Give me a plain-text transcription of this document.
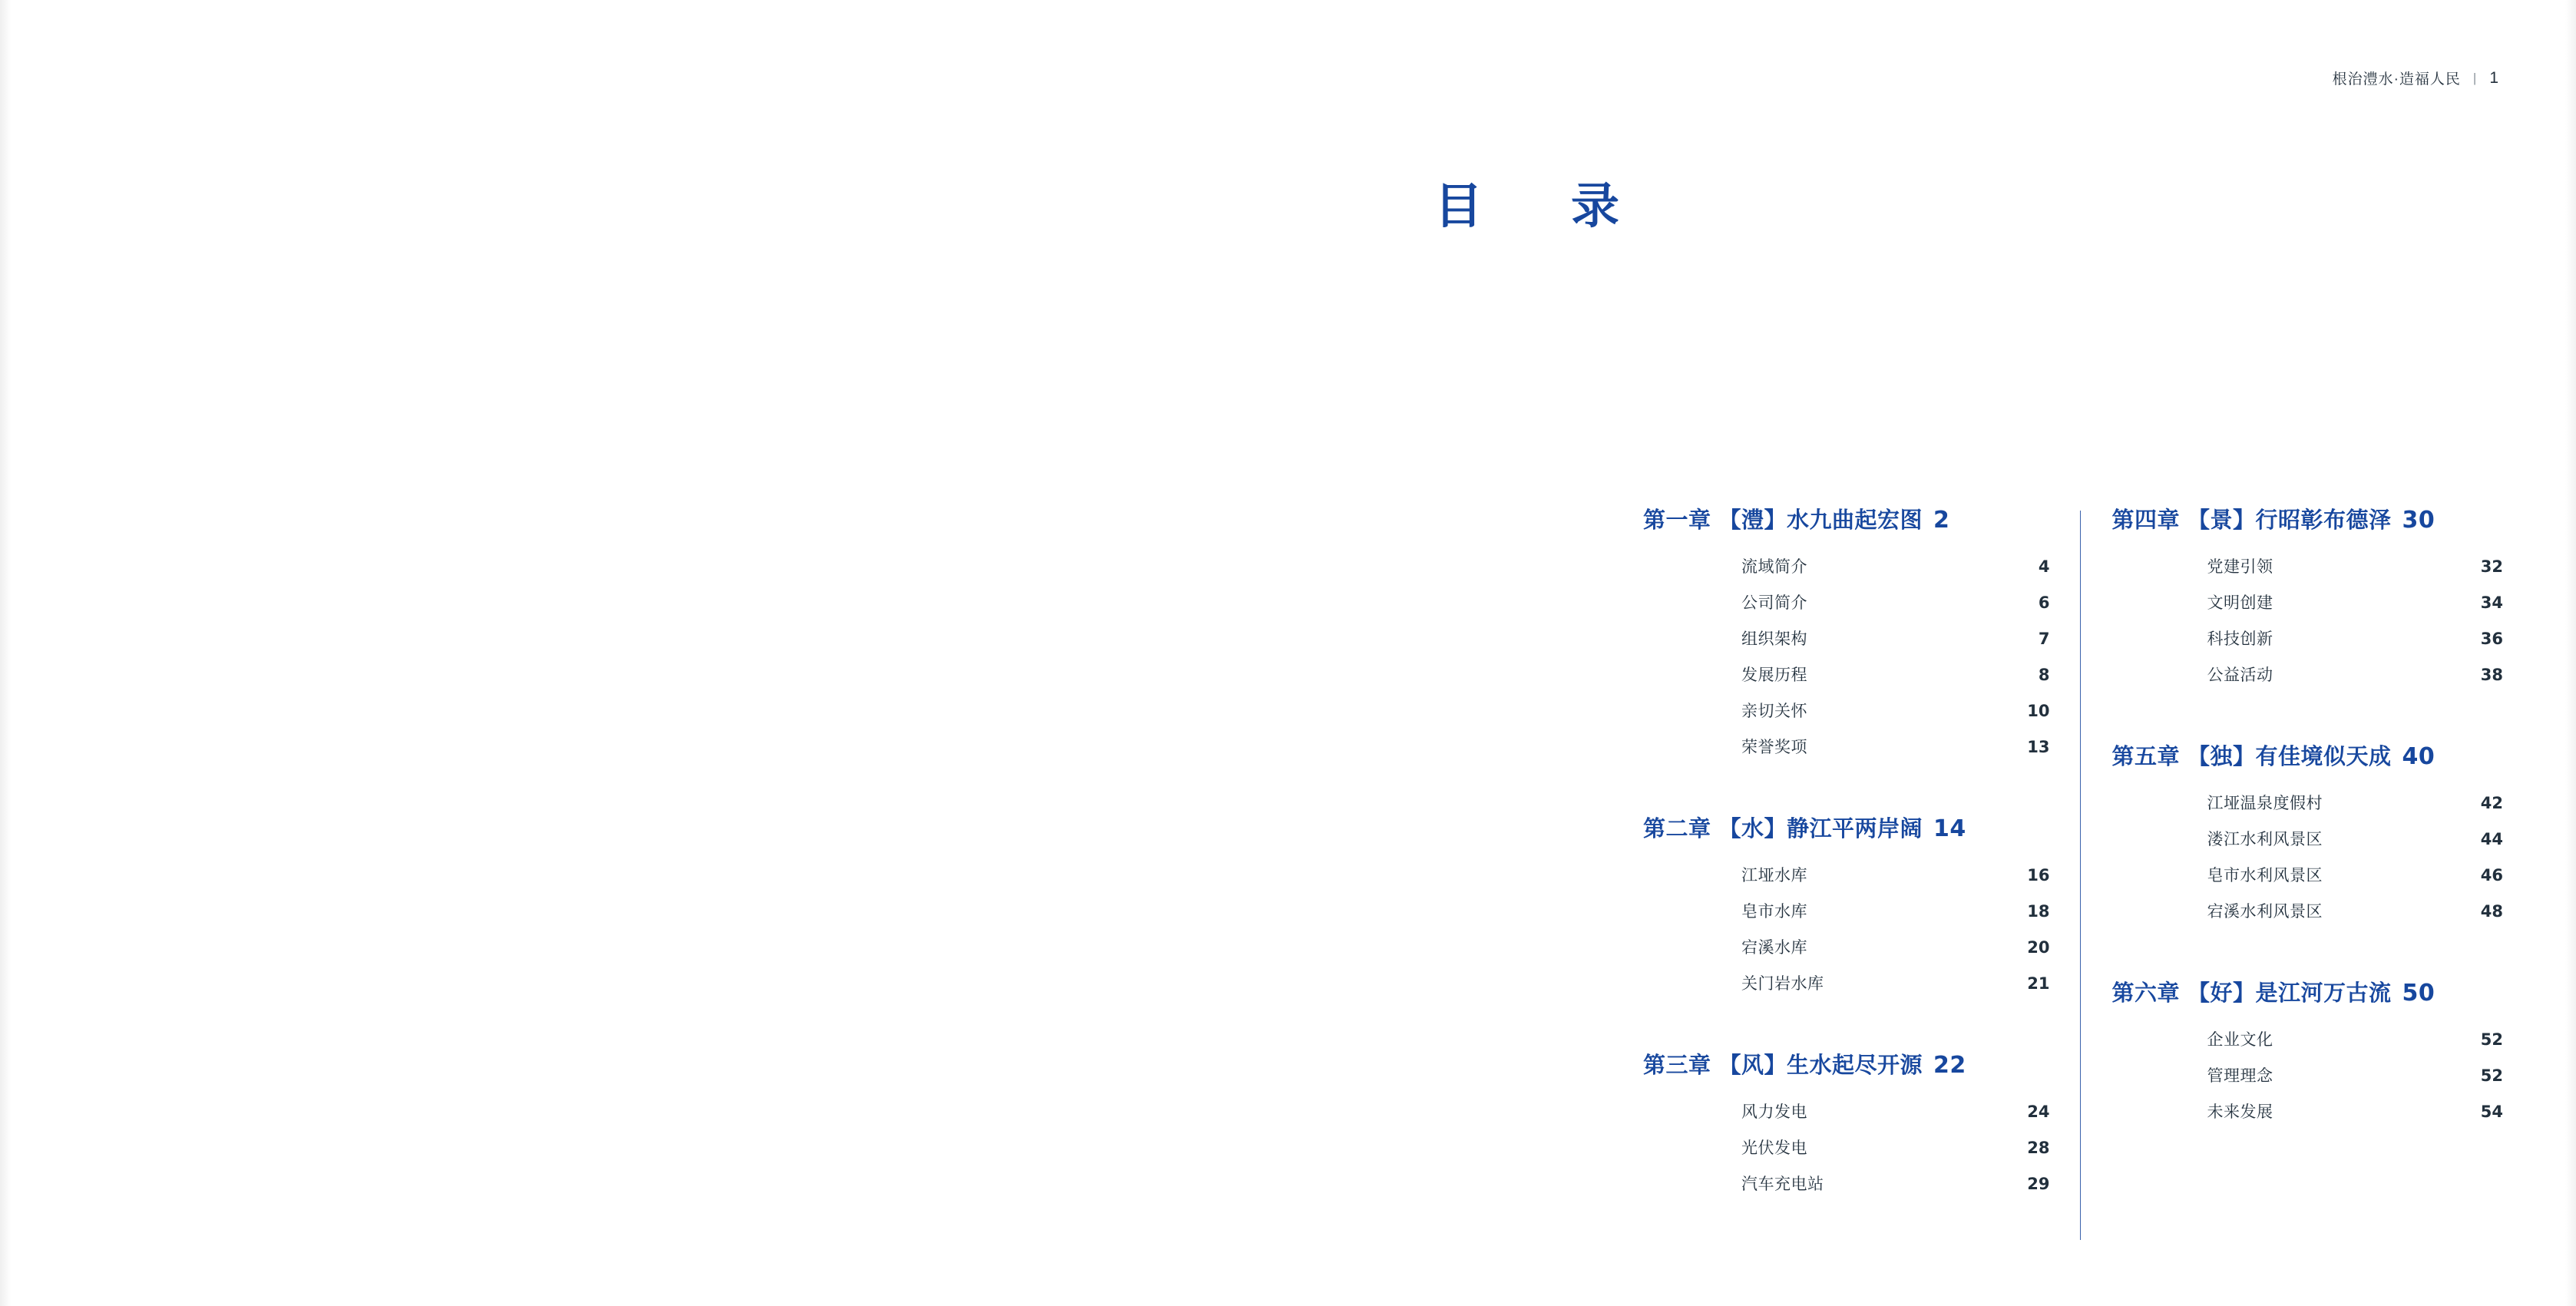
根治澧水·造福人民 | 1
目　录
第一章 【澧】水九曲起宏图 2
流域简介	4
公司简介	6
组织架构	7
发展历程	8
亲切关怀	10
荣誉奖项	13
第二章 【水】静江平两岸阔 14
江垭水库	16
皂市水库	18
宕溪水库	20
关门岩水库	21
第三章 【风】生水起尽开源 22
风力发电	24
光伏发电	28
汽车充电站	29
第四章 【景】行昭彰布德泽 30
党建引领	32
文明创建	34
科技创新	36
公益活动	38
第五章 【独】有佳境似天成 40
江垭温泉度假村	42
溇江水利风景区	44
皂市水利风景区	46
宕溪水利风景区	48
第六章 【好】是江河万古流 50
企业文化	52
管理理念	52
未来发展	54
